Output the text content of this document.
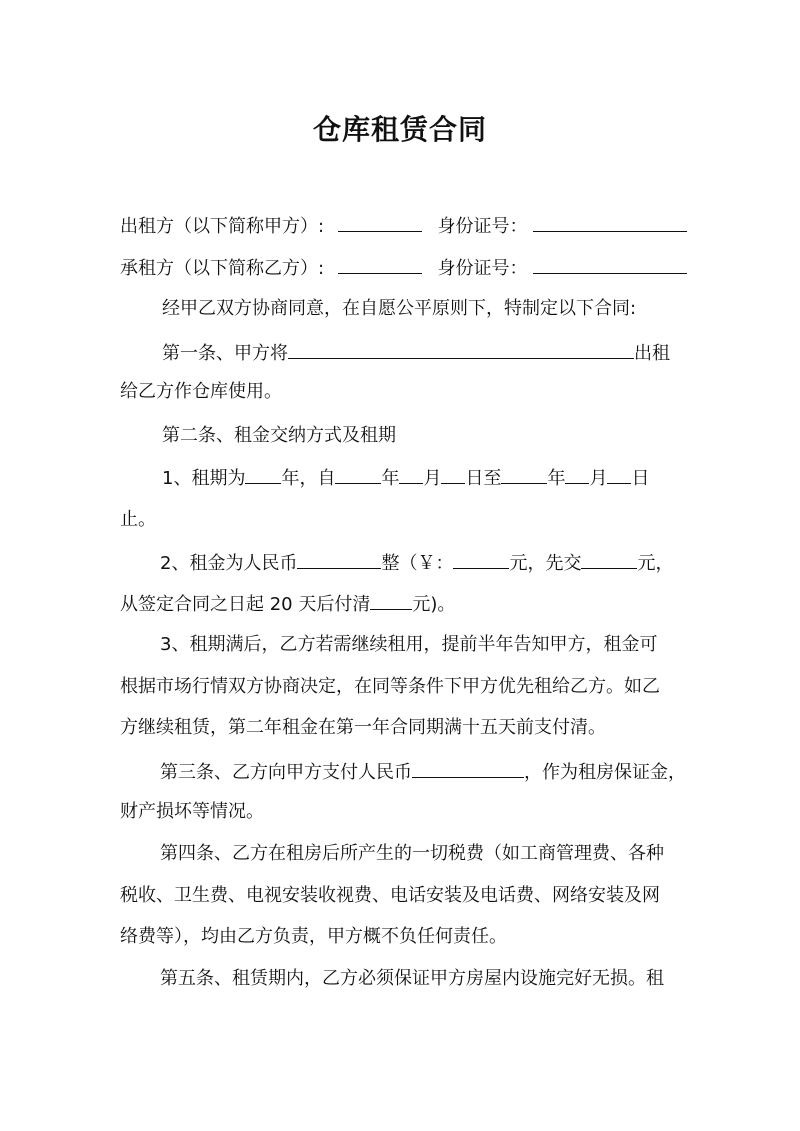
仓库租赁合同
出租方（以下简称甲方）:	身份证号：
承租方（以下简称乙方）:	身份证号：
经甲乙双方协商同意，在自愿公平原则下，特制定以下合同:
第一条、甲方将	出租
给乙方作仓库使用。
第二条、租金交纳方式及租期
1、租期为 年，自	年 月 日至	年 月 日
止。
2、租金为人民币	整（￥：	元，先交	元，
从签定合同之日起 20 天后付清 元)。
3、租期满后，乙方若需继续租用，提前半年告知甲方，租金可
根据市场行情双方协商决定，在同等条件下甲方优先租给乙方。如乙
方继续租赁，第二年租金在第一年合同期满十五天前支付清。
第三条、乙方向甲方支付人民币	，作为租房保证金，
财产损坏等情况。
第四条、乙方在租房后所产生的一切税费（如工商管理费、各种
税收、卫生费、电视安装收视费、电话安装及电话费、网络安装及网
络费等），均由乙方负责，甲方概不负任何责任。
第五条、租赁期内，乙方必须保证甲方房屋内设施完好无损。租
